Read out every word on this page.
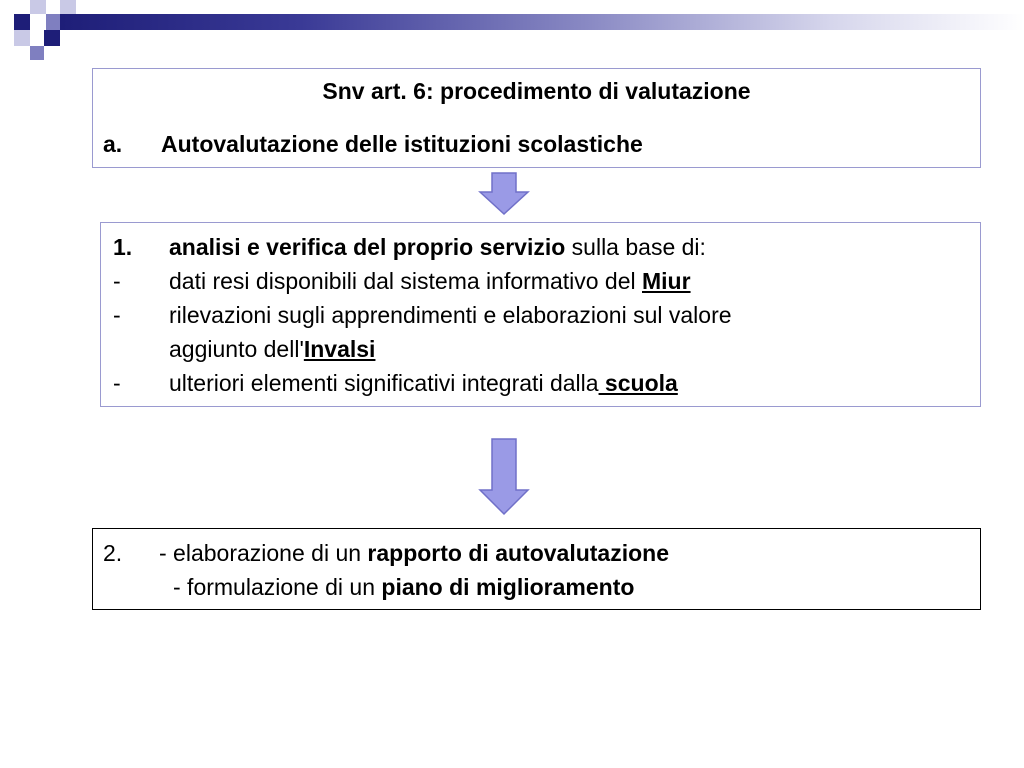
Snv art. 6: procedimento di valutazione
a. Autovalutazione delle istituzioni scolastiche
1. analisi e verifica del proprio servizio sulla base di:
- dati resi disponibili dal sistema informativo del Miur
- rilevazioni sugli apprendimenti e elaborazioni sul valore
aggiunto dell'Invalsi
- ulteriori elementi significativi integrati dalla scuola
2. - elaborazione di un rapporto di autovalutazione
- formulazione di un piano di miglioramento
